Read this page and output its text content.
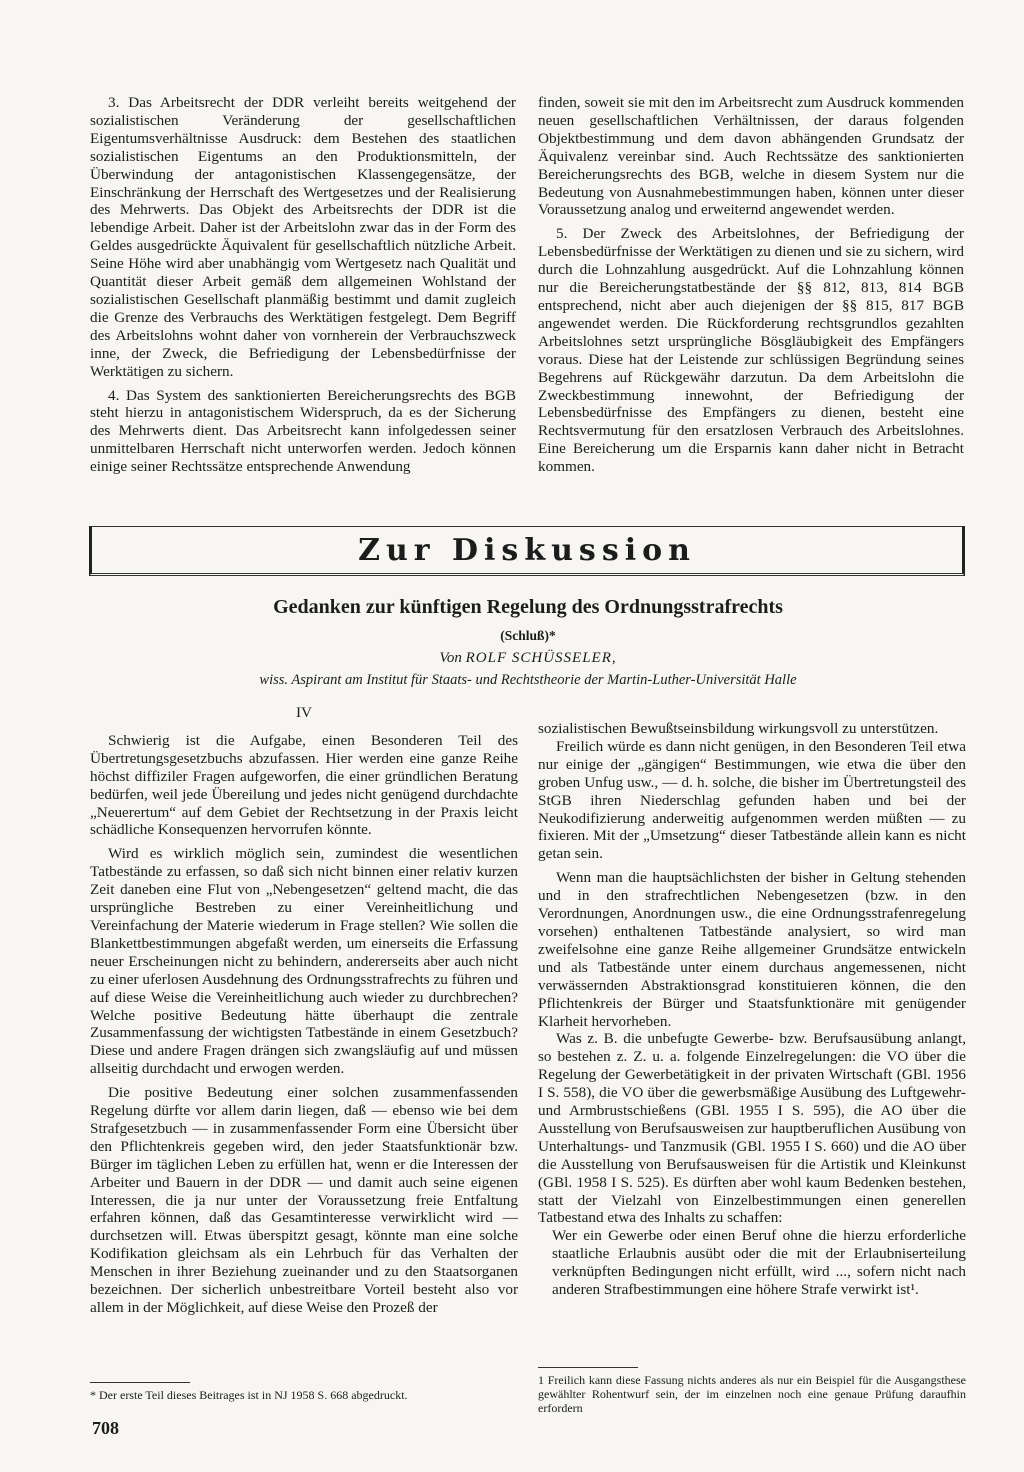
3. Das Arbeitsrecht der DDR verleiht bereits weitgehend der sozialistischen Veränderung der gesellschaftlichen Eigentumsverhältnisse Ausdruck: dem Bestehen des staatlichen sozialistischen Eigentums an den Produktionsmitteln, der Überwindung der antagonistischen Klassengegensätze, der Einschränkung der Herrschaft des Wertgesetzes und der Realisierung des Mehrwerts. Das Objekt des Arbeitsrechts der DDR ist die lebendige Arbeit. Daher ist der Arbeitslohn zwar das in der Form des Geldes ausgedrückte Äquivalent für gesellschaftlich nützliche Arbeit. Seine Höhe wird aber unabhängig vom Wertgesetz nach Qualität und Quantität dieser Arbeit gemäß dem allgemeinen Wohlstand der sozialistischen Gesellschaft planmäßig bestimmt und damit zugleich die Grenze des Verbrauchs des Werktätigen festgelegt. Dem Begriff des Arbeitslohns wohnt daher von vornherein der Verbrauchszweck inne, der Zweck, die Befriedigung der Lebensbedürfnisse der Werktätigen zu sichern.

4. Das System des sanktionierten Bereicherungsrechts des BGB steht hierzu in antagonistischem Widerspruch, da es der Sicherung des Mehrwerts dient. Das Arbeitsrecht kann infolgedessen seiner unmittelbaren Herrschaft nicht unterworfen werden. Jedoch können einige seiner Rechtssätze entsprechende Anwendung

finden, soweit sie mit den im Arbeitsrecht zum Ausdruck kommenden neuen gesellschaftlichen Verhältnissen, der daraus folgenden Objektbestimmung und dem davon abhängenden Grundsatz der Äquivalenz vereinbar sind. Auch Rechtssätze des sanktionierten Bereicherungsrechts des BGB, welche in diesem System nur die Bedeutung von Ausnahmebestimmungen haben, können unter dieser Voraussetzung analog und erweiternd angewendet werden.

5. Der Zweck des Arbeitslohnes, der Befriedigung der Lebensbedürfnisse der Werktätigen zu dienen und sie zu sichern, wird durch die Lohnzahlung ausgedrückt. Auf die Lohnzahlung können nur die Bereicherungstatbestände der §§ 812, 813, 814 BGB entsprechend, nicht aber auch diejenigen der §§ 815, 817 BGB angewendet werden. Die Rückforderung rechtsgrundlos gezahlten Arbeitslohnes setzt ursprüngliche Bösgläubigkeit des Empfängers voraus. Diese hat der Leistende zur schlüssigen Begründung seines Begehrens auf Rückgewähr darzutun. Da dem Arbeitslohn die Zweckbestimmung innewohnt, der Befriedigung der Lebensbedürfnisse des Empfängers zu dienen, besteht eine Rechtsvermutung für den ersatzlosen Verbrauch des Arbeitslohnes. Eine Bereicherung um die Ersparnis kann daher nicht in Betracht kommen.

Zur Diskussion
Gedanken zur künftigen Regelung des Ordnungsstrafrechts
(Schluß)*
Von ROLF SCHÜSSELER,
wiss. Aspirant am Institut für Staats- und Rechtstheorie der Martin-Luther-Universität Halle

IV

Schwierig ist die Aufgabe, einen Besonderen Teil des Übertretungsgesetzbuchs abzufassen. Hier werden eine ganze Reihe höchst diffiziler Fragen aufgeworfen, die einer gründlichen Beratung bedürfen, weil jede Übereilung und jedes nicht genügend durchdachte „Neuerertum“ auf dem Gebiet der Rechtsetzung in der Praxis leicht schädliche Konsequenzen hervorrufen könnte.

Wird es wirklich möglich sein, zumindest die wesentlichen Tatbestände zu erfassen, so daß sich nicht binnen einer relativ kurzen Zeit daneben eine Flut von „Nebengesetzen“ geltend macht, die das ursprüngliche Bestreben zu einer Vereinheitlichung und Vereinfachung der Materie wiederum in Frage stellen? Wie sollen die Blankettbestimmungen abgefaßt werden, um einerseits die Erfassung neuer Erscheinungen nicht zu behindern, andererseits aber auch nicht zu einer uferlosen Ausdehnung des Ordnungsstrafrechts zu führen und auf diese Weise die Vereinheitlichung auch wieder zu durchbrechen? Welche positive Bedeutung hätte überhaupt die zentrale Zusammenfassung der wichtigsten Tatbestände in einem Gesetzbuch? Diese und andere Fragen drängen sich zwangsläufig auf und müssen allseitig durchdacht und erwogen werden.

Die positive Bedeutung einer solchen zusammenfassenden Regelung dürfte vor allem darin liegen, daß — ebenso wie bei dem Strafgesetzbuch — in zusammenfassender Form eine Übersicht über den Pflichtenkreis gegeben wird, den jeder Staatsfunktionär bzw. Bürger im täglichen Leben zu erfüllen hat, wenn er die Interessen der Arbeiter und Bauern in der DDR — und damit auch seine eigenen Interessen, die ja nur unter der Voraussetzung freie Entfaltung erfahren können, daß das Gesamtinteresse verwirklicht wird — durchsetzen will. Etwas überspitzt gesagt, könnte man eine solche Kodifikation gleichsam als ein Lehrbuch für das Verhalten der Menschen in ihrer Beziehung zueinander und zu den Staatsorganen bezeichnen. Der sicherlich unbestreitbare Vorteil besteht also vor allem in der Möglichkeit, auf diese Weise den Prozeß der

sozialistischen Bewußtseinsbildung wirkungsvoll zu unterstützen.

Freilich würde es dann nicht genügen, in den Besonderen Teil etwa nur einige der „gängigen“ Bestimmungen, wie etwa die über den groben Unfug usw., — d. h. solche, die bisher im Übertretungsteil des StGB ihren Niederschlag gefunden haben und bei der Neukodifizierung anderweitig aufgenommen werden müßten — zu fixieren. Mit der „Umsetzung“ dieser Tatbestände allein kann es nicht getan sein.

Wenn man die hauptsächlichsten der bisher in Geltung stehenden und in den strafrechtlichen Nebengesetzen (bzw. in den Verordnungen, Anordnungen usw., die eine Ordnungsstrafenregelung vorsehen) enthaltenen Tatbestände analysiert, so wird man zweifelsohne eine ganze Reihe allgemeiner Grundsätze entwickeln und als Tatbestände unter einem durchaus angemessenen, nicht verwässernden Abstraktionsgrad konstituieren können, die den Pflichtenkreis der Bürger und Staatsfunktionäre mit genügender Klarheit hervorheben.

Was z. B. die unbefugte Gewerbe- bzw. Berufsausübung anlangt, so bestehen z. Z. u. a. folgende Einzelregelungen: die VO über die Regelung der Gewerbetätigkeit in der privaten Wirtschaft (GBl. 1956 I S. 558), die VO über die gewerbsmäßige Ausübung des Luftgewehr- und Armbrustschießens (GBl. 1955 I S. 595), die AO über die Ausstellung von Berufsausweisen zur hauptberuflichen Ausübung von Unterhaltungs- und Tanzmusik (GBl. 1955 I S. 660) und die AO über die Ausstellung von Berufsausweisen für die Artistik und Kleinkunst (GBl. 1958 I S. 525). Es dürften aber wohl kaum Bedenken bestehen, statt der Vielzahl von Einzelbestimmungen einen generellen Tatbestand etwa des Inhalts zu schaffen:

Wer ein Gewerbe oder einen Beruf ohne die hierzu erforderliche staatliche Erlaubnis ausübt oder die mit der Erlaubniserteilung verknüpften Bedingungen nicht erfüllt, wird ..., sofern nicht nach anderen Strafbestimmungen eine höhere Strafe verwirkt ist¹.

* Der erste Teil dieses Beitrages ist in NJ 1958 S. 668 abgedruckt.
1 Freilich kann diese Fassung nichts anderes als nur ein Beispiel für die Ausgangsthese gewählter Rohentwurf sein, der im einzelnen noch eine genaue Prüfung daraufhin erfordern
708
